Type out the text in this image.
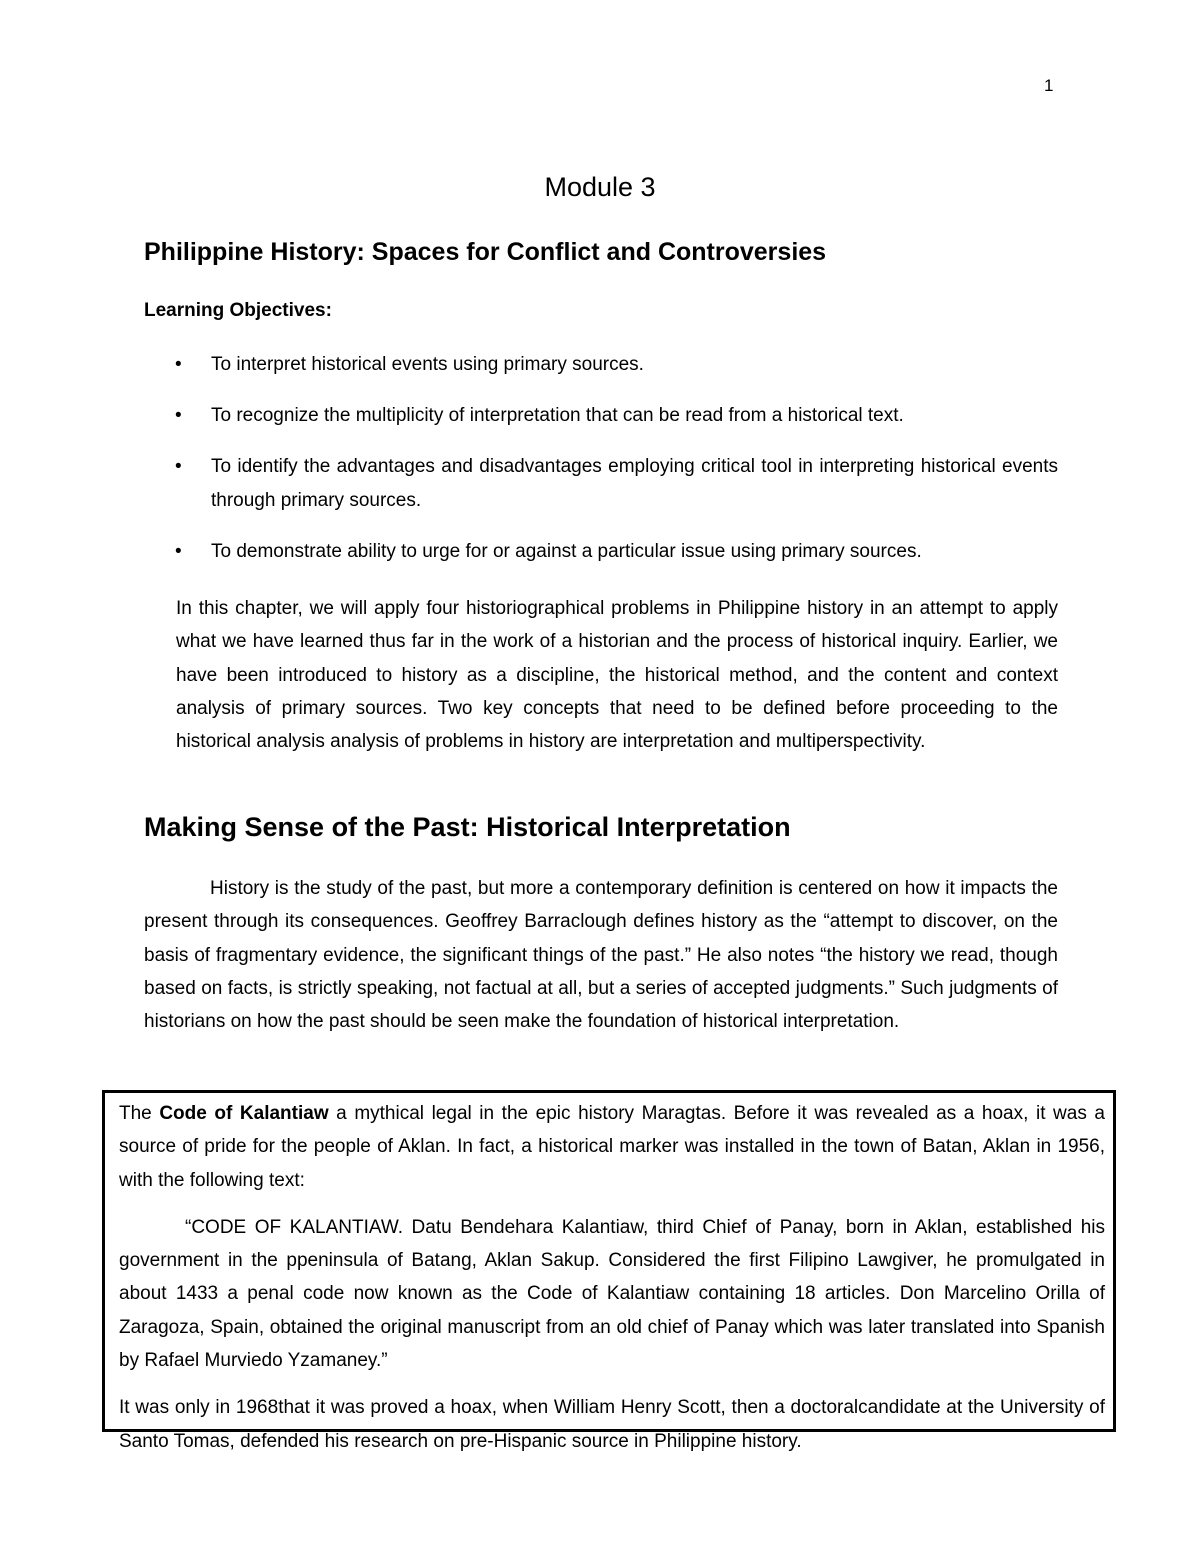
1
Module 3
Philippine History: Spaces for Conflict and Controversies
Learning Objectives:
• To interpret historical events using primary sources.
• To recognize the multiplicity of interpretation that can be read from a historical text.
• To identify the advantages and disadvantages employing critical tool in interpreting historical events through primary sources.
• To demonstrate ability to urge for or against a particular issue using primary sources.

In this chapter, we will apply four historiographical problems in Philippine history in an attempt to apply what we have learned thus far in the work of a historian and the process of historical inquiry. Earlier, we have been introduced to history as a discipline, the historical method, and the content and context analysis of primary sources. Two key concepts that need to be defined before proceeding to the historical analysis analysis of problems in history are interpretation and multiperspectivity.

Making Sense of the Past: Historical Interpretation

History is the study of the past, but more a contemporary definition is centered on how it impacts the present through its consequences. Geoffrey Barraclough defines history as the “attempt to discover, on the basis of fragmentary evidence, the significant things of the past.” He also notes “the history we read, though based on facts, is strictly speaking, not factual at all, but a series of accepted judgments.” Such judgments of historians on how the past should be seen make the foundation of historical interpretation.

The Code of Kalantiaw a mythical legal in the epic history Maragtas. Before it was revealed as a hoax, it was a source of pride for the people of Aklan. In fact, a historical marker was installed in the town of Batan, Aklan in 1956, with the following text:

“CODE OF KALANTIAW. Datu Bendehara Kalantiaw, third Chief of Panay, born in Aklan, established his government in the ppeninsula of Batang, Aklan Sakup. Considered the first Filipino Lawgiver, he promulgated in about 1433 a penal code now known as the Code of Kalantiaw containing 18 articles. Don Marcelino Orilla of Zaragoza, Spain, obtained the original manuscript from an old chief of Panay which was later translated into Spanish by Rafael Murviedo Yzamaney.”

It was only in 1968that it was proved a hoax, when William Henry Scott, then a doctoralcandidate at the University of Santo Tomas, defended his research on pre-Hispanic source in Philippine history.
